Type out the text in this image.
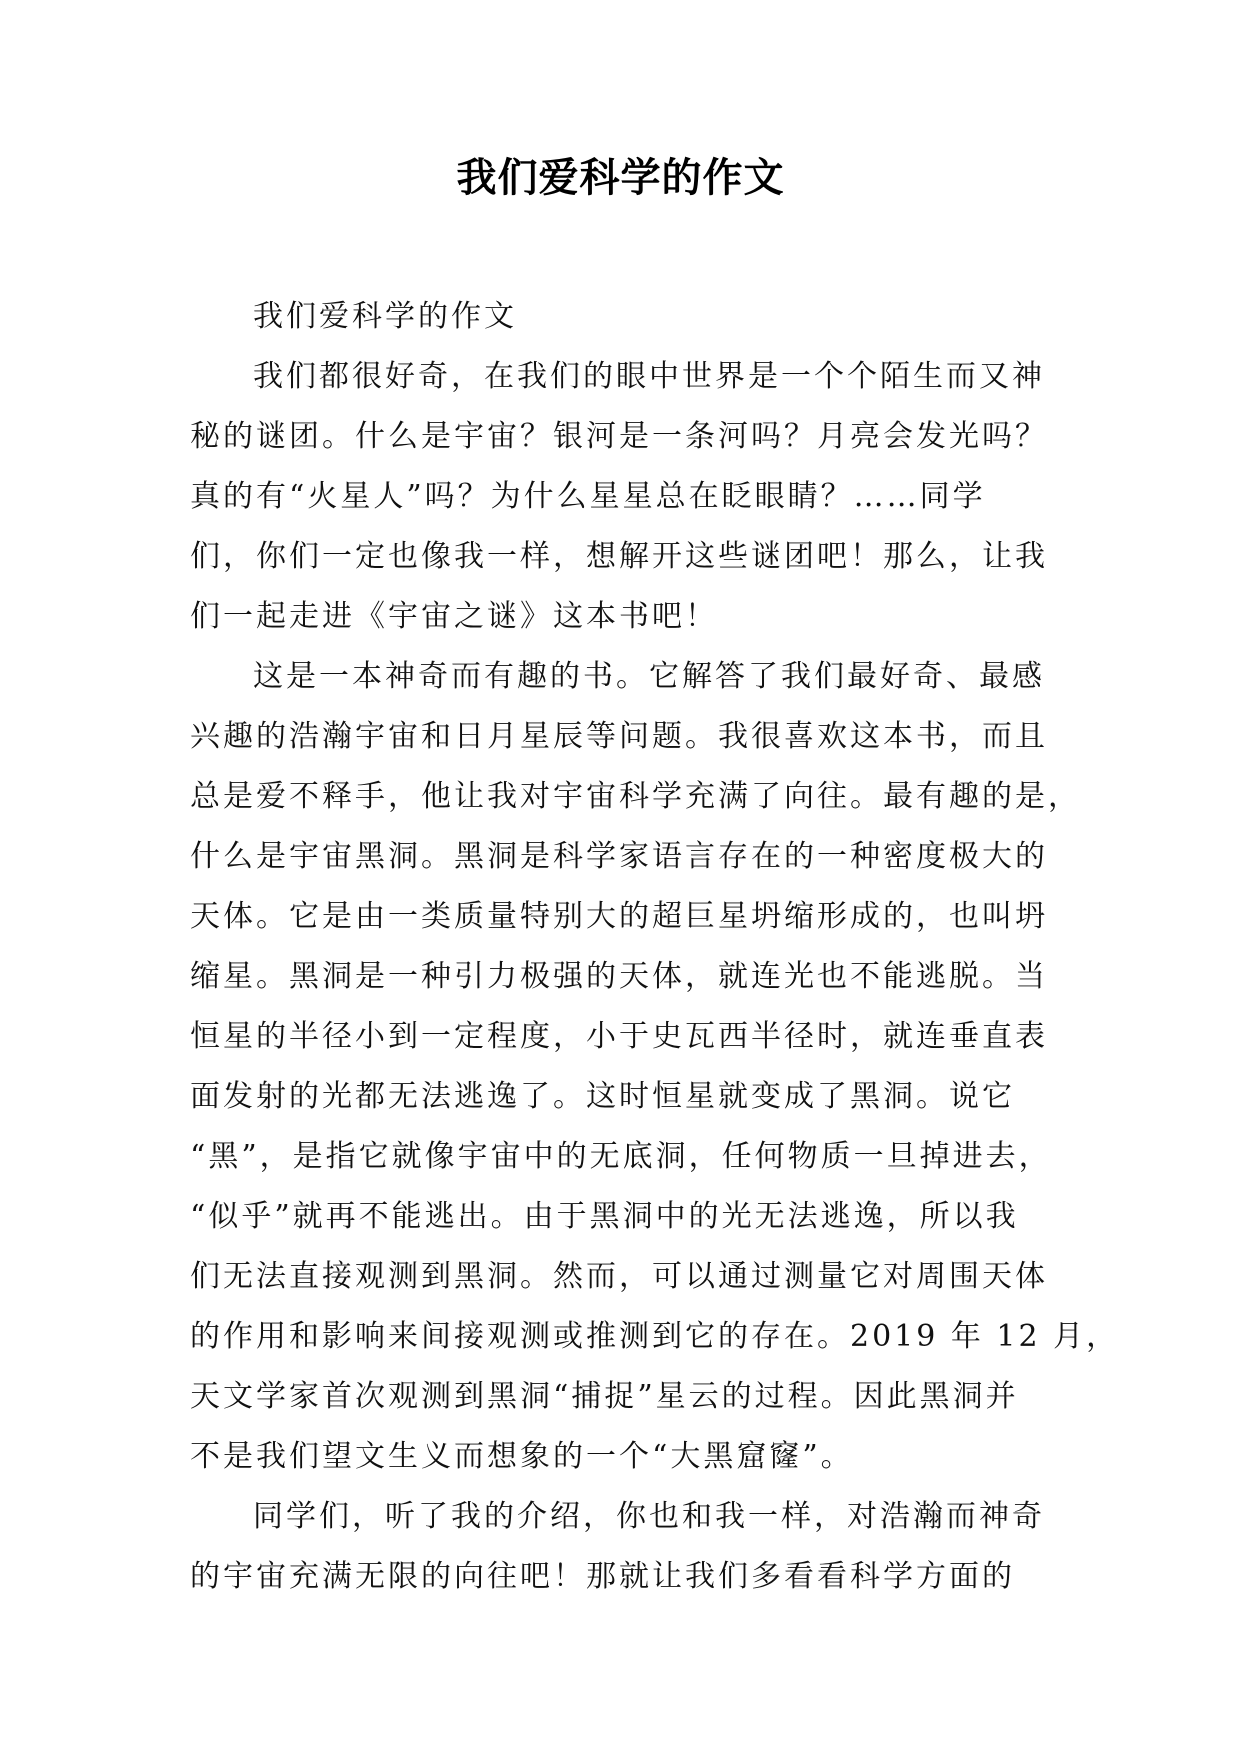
我们爱科学的作文
我们爱科学的作文
我们都很好奇，在我们的眼中世界是一个个陌生而又神
秘的谜团。什么是宇宙？银河是一条河吗？月亮会发光吗？
真的有“火星人”吗？为什么星星总在眨眼睛？……同学
们，你们一定也像我一样，想解开这些谜团吧！那么，让我
们一起走进《宇宙之谜》这本书吧！
这是一本神奇而有趣的书。它解答了我们最好奇、最感
兴趣的浩瀚宇宙和日月星辰等问题。我很喜欢这本书，而且
总是爱不释手，他让我对宇宙科学充满了向往。最有趣的是，
什么是宇宙黑洞。黑洞是科学家语言存在的一种密度极大的
天体。它是由一类质量特别大的超巨星坍缩形成的，也叫坍
缩星。黑洞是一种引力极强的天体，就连光也不能逃脱。当
恒星的半径小到一定程度，小于史瓦西半径时，就连垂直表
面发射的光都无法逃逸了。这时恒星就变成了黑洞。说它
“黑”，是指它就像宇宙中的无底洞，任何物质一旦掉进去，
“似乎”就再不能逃出。由于黑洞中的光无法逃逸，所以我
们无法直接观测到黑洞。然而，可以通过测量它对周围天体
的作用和影响来间接观测或推测到它的存在。2019 年 12 月，
天文学家首次观测到黑洞“捕捉”星云的过程。因此黑洞并
不是我们望文生义而想象的一个“大黑窟窿”。
同学们，听了我的介绍，你也和我一样，对浩瀚而神奇
的宇宙充满无限的向往吧！那就让我们多看看科学方面的
